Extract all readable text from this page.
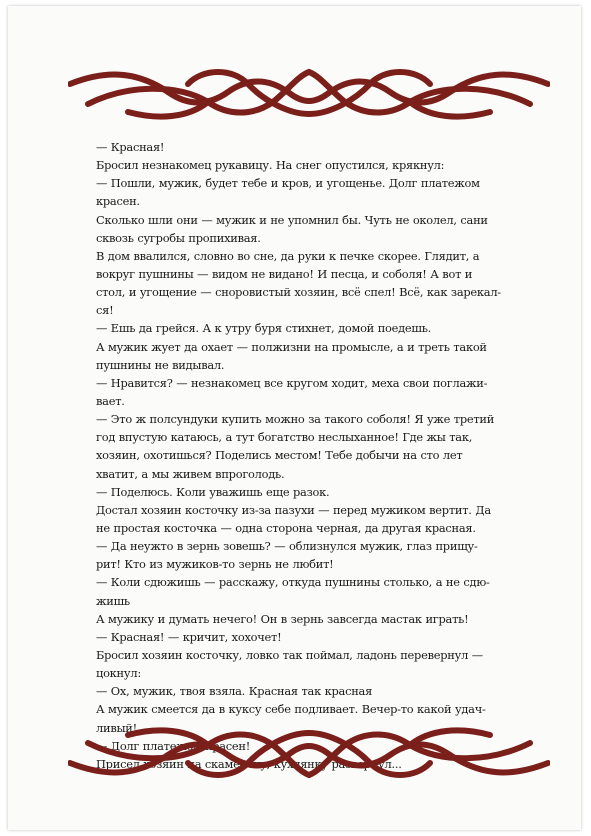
— Красная!
Бросил незнакомец рукавицу. На снег опустился, крякнул:
— Пошли, мужик, будет тебе и кров, и угощенье. Долг платежом
красен.
Сколько шли они — мужик и не упомнил бы. Чуть не околел, сани
сквозь сугробы пропихивая.
В дом ввалился, словно во сне, да руки к печке скорее. Глядит, а
вокруг пушнины — видом не видано! И песца, и соболя! А вот и
стол, и угощение — сноровистый хозяин, всё спел! Всё, как зарекал-
ся!
— Ешь да грейся. А к утру буря стихнет, домой поедешь.
А мужик жует да охает — полжизни на промысле, а и треть такой
пушнины не видывал.
— Нравится? — незнакомец все кругом ходит, меха свои поглажи-
вает.
— Это ж полсундуки купить можно за такого соболя! Я уже третий
год впустую катаюсь, а тут богатство неслыханное! Где жы так,
хозяин, охотишься? Поделись местом! Тебе добычи на сто лет
хватит, а мы живем впроголодь.
— Поделюсь. Коли уважишь еще разок.
Достал хозяин косточку из-за пазухи — перед мужиком вертит. Да
не простая косточка — одна сторона черная, да другая красная.
— Да неужто в зернь зовешь? — облизнулся мужик, глаз прищу-
рит! Кто из мужиков-то зернь не любит!
— Коли сдюжишь — расскажу, откуда пушнины столько, а не сдю-
жишь
А мужику и думать нечего! Он в зернь завсегда мастак играть!
— Красная! — кричит, хохочет!
Бросил хозяин косточку, ловко так поймал, ладонь перевернул —
цокнул:
— Ох, мужик, твоя взяла. Красная так красная
А мужик смеется да в куксу себе подливает. Вечер-то какой удач-
ливый!
— Долг платежом красен!
Присел хозяин на скамеечку, кухлянку развернул...
